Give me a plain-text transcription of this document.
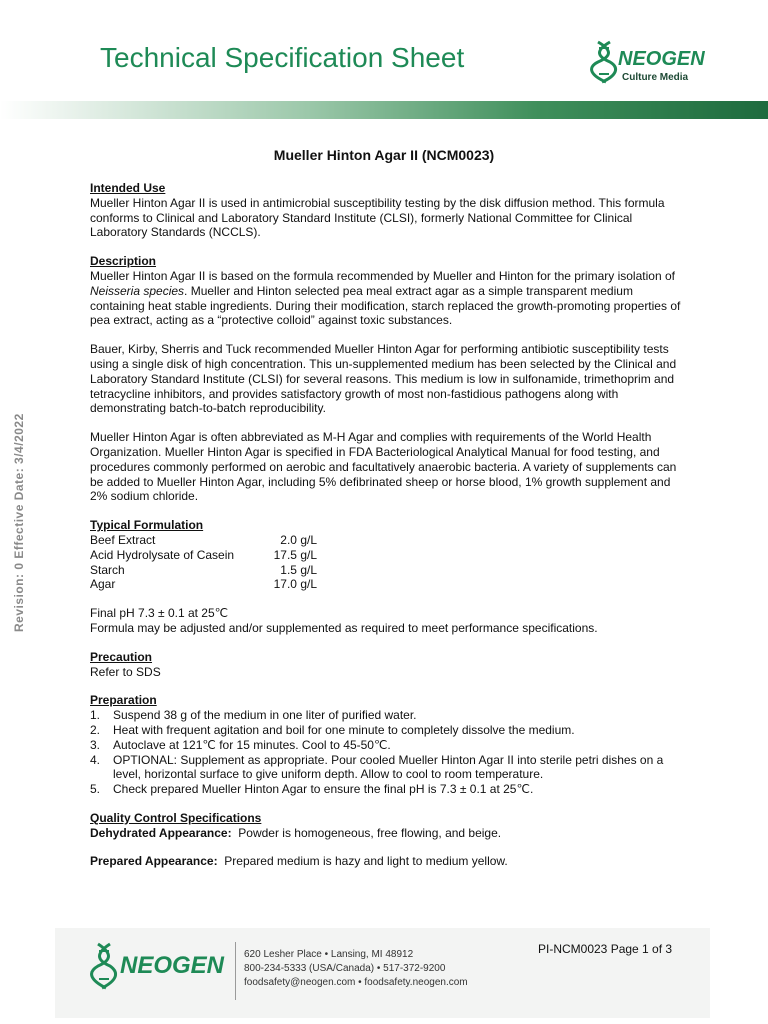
Technical Specification Sheet	NEOGEN
Culture Media
Revision: 0 Effective Date: 3/4/2022
Mueller Hinton Agar II (NCM0023)
Intended Use

Mueller Hinton Agar II is used in antimicrobial susceptibility testing by the disk diffusion method. This formula conforms to Clinical and Laboratory Standard Institute (CLSI), formerly National Committee for Clinical Laboratory Standards (NCCLS).

Description

Mueller Hinton Agar II is based on the formula recommended by Mueller and Hinton for the primary isolation of Neisseria species. Mueller and Hinton selected pea meal extract agar as a simple transparent medium containing heat stable ingredients. During their modification, starch replaced the growth-promoting properties of pea extract, acting as a “protective colloid” against toxic substances.

Bauer, Kirby, Sherris and Tuck recommended Mueller Hinton Agar for performing antibiotic susceptibility tests using a single disk of high concentration. This un-supplemented medium has been selected by the Clinical and Laboratory Standard Institute (CLSI) for several reasons. This medium is low in sulfonamide, trimethoprim and tetracycline inhibitors, and provides satisfactory growth of most non-fastidious pathogens along with demonstrating batch-to-batch reproducibility.

Mueller Hinton Agar is often abbreviated as M-H Agar and complies with requirements of the World Health Organization. Mueller Hinton Agar is specified in FDA Bacteriological Analytical Manual for food testing, and procedures commonly performed on aerobic and facultatively anaerobic bacteria. A variety of supplements can be added to Mueller Hinton Agar, including 5% defibrinated sheep or horse blood, 1% growth supplement and 2% sodium chloride.

Typical Formulation
Beef Extract	2.0 g/L
Acid Hydrolysate of Casein	17.5 g/L
Starch	1.5 g/L
Agar	17.0 g/L

Final pH 7.3 ± 0.1 at 25℃

Formula may be adjusted and/or supplemented as required to meet performance specifications.

Precaution

Refer to SDS

Preparation
1. Suspend 38 g of the medium in one liter of purified water.
2. Heat with frequent agitation and boil for one minute to completely dissolve the medium.
3. Autoclave at 121℃ for 15 minutes. Cool to 45-50℃.
4. OPTIONAL: Supplement as appropriate. Pour cooled Mueller Hinton Agar II into sterile petri dishes on a level, horizontal surface to give uniform depth. Allow to cool to room temperature.
5. Check prepared Mueller Hinton Agar to ensure the final pH is 7.3 ± 0.1 at 25℃.
Quality Control Specifications

Dehydrated Appearance: Powder is homogeneous, free flowing, and beige.

Prepared Appearance: Prepared medium is hazy and light to medium yellow.

NEOGEN 620 Lesher Place • Lansing, MI 48912
800-234-5333 (USA/Canada) • 517-372-9200
foodsafety@neogen.com • foodsafety.neogen.com
PI-NCM0023 Page 1 of 3
